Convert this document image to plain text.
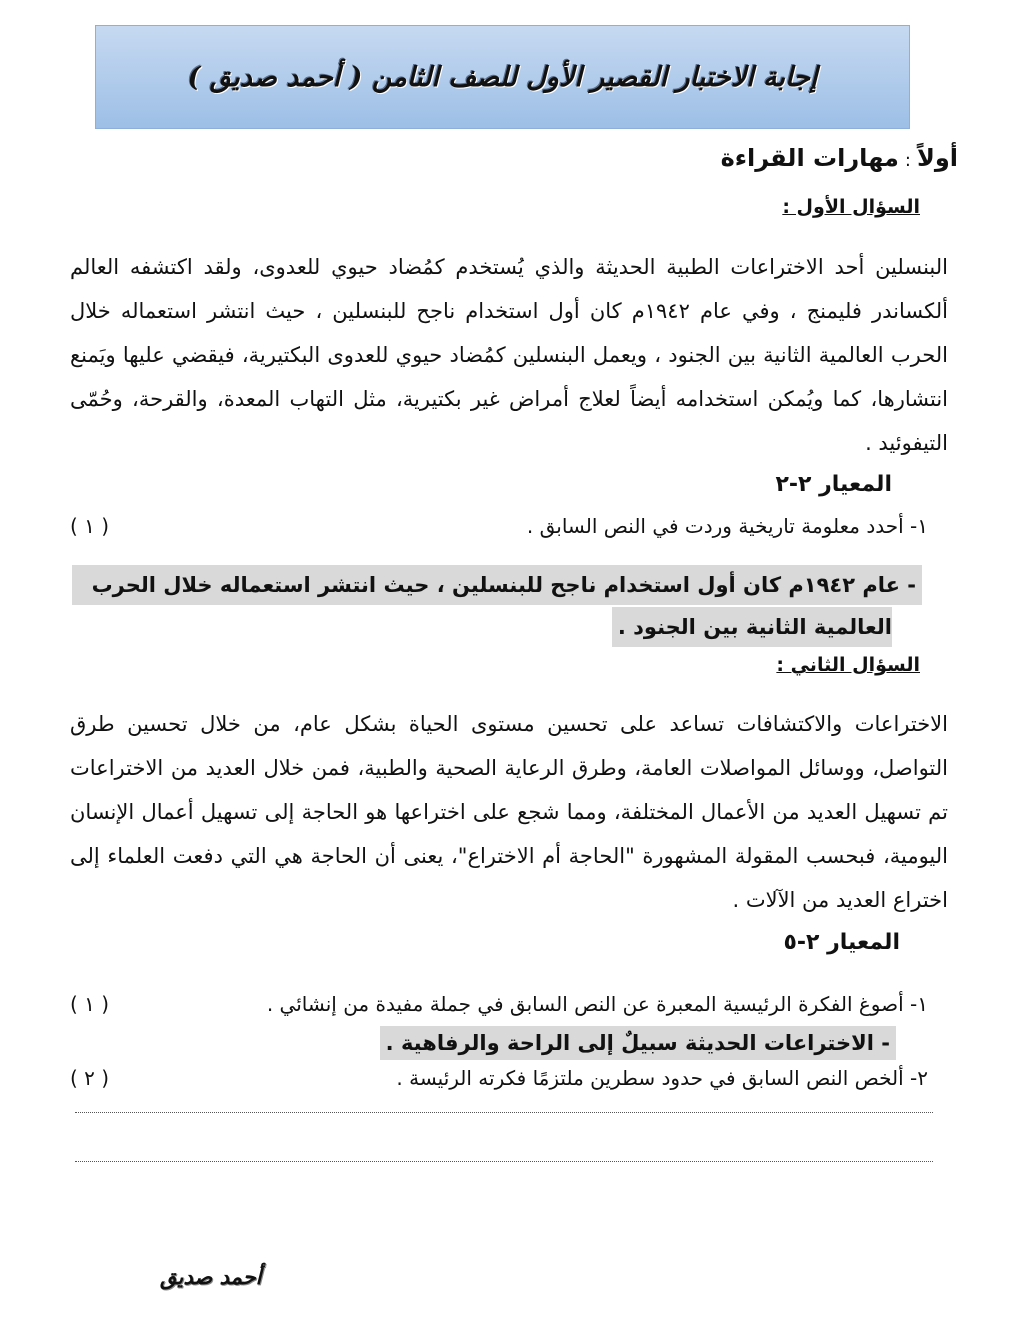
إجابة الاختبار القصير الأول للصف الثامن ( أحمد صديق )
أولاً:مهارات القراءة
السؤال الأول :
البنسلين أحد الاختراعات الطبية الحديثة والذي يُستخدم كمُضاد حيوي للعدوى، ولقد اكتشفه العالم ألكساندر فليمنج ، وفي عام ١٩٤٢م كان أول استخدام ناجح للبنسلين ، حيث انتشر استعماله خلال الحرب العالمية الثانية بين الجنود ، ويعمل البنسلين كمُضاد حيوي للعدوى البكتيرية، فيقضي عليها ويَمنع انتشارها، كما ويُمكن استخدامه أيضاً لعلاج أمراض غير بكتيرية، مثل التهاب المعدة، والقرحة، وحُمّى التيفوئيد .
المعيار ٢-٢
١- أحدد معلومة تاريخية وردت في النص السابق .
( ١ )
- عام ١٩٤٢م كان أول استخدام ناجح للبنسلين ، حيث انتشر استعماله خلال الحرب
العالمية الثانية بين الجنود .
السؤال الثاني :
الاختراعات والاكتشافات تساعد على تحسين مستوى الحياة بشكل عام، من خلال تحسين طرق التواصل، ووسائل المواصلات العامة، وطرق الرعاية الصحية والطبية، فمن خلال العديد من الاختراعات تم تسهيل العديد من الأعمال المختلفة، ومما شجع على اختراعها هو الحاجة إلى تسهيل أعمال الإنسان اليومية، فبحسب المقولة المشهورة "الحاجة أم الاختراع"، يعنى أن الحاجة هي التي دفعت العلماء إلى اختراع العديد من الآلات .
المعيار ٢-٥
١- أصوغ الفكرة الرئيسية المعبرة عن النص السابق في جملة مفيدة من إنشائي .
( ١ )
- الاختراعات الحديثة سبيلٌ إلى الراحة والرفاهية .
٢- ألخص النص السابق في حدود سطرين ملتزمًا فكرته الرئيسة .
( ٢ )
أحمد صديق
